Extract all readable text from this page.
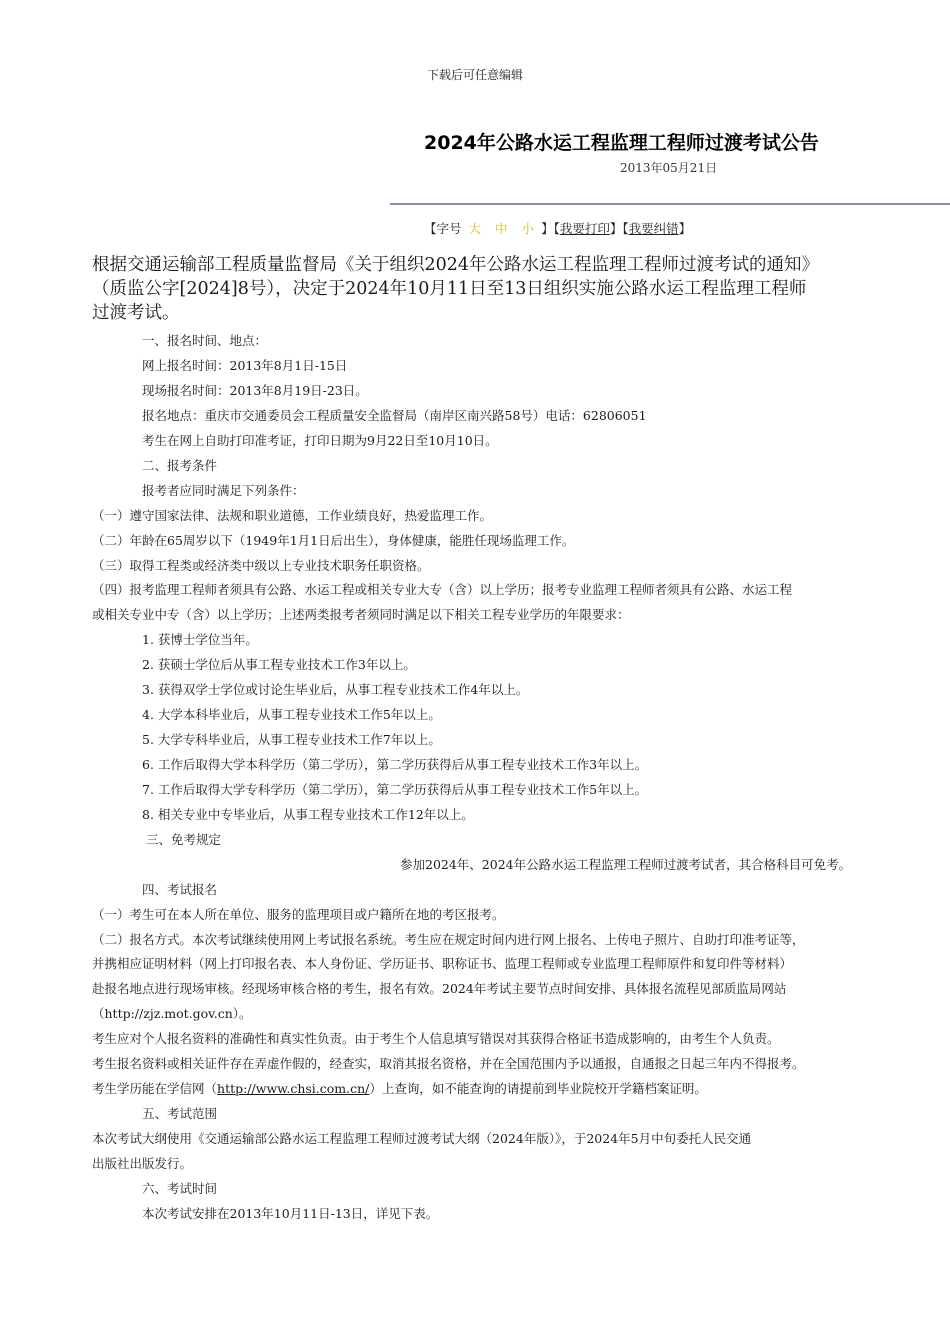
下载后可任意编辑
2024年公路水运工程监理工程师过渡考试公告
2013年05月21日
【字号 大 中 小 】【我要打印】【我要纠错】
根据交通运输部工程质量监督局《关于组织2024年公路水运工程监理工程师过渡考试的通知》
（质监公字[2024]8号），决定于2024年10月11日至13日组织实施公路水运工程监理工程师
过渡考试。
一、报名时间、地点：
网上报名时间：2013年8月1日-15日
现场报名时间：2013年8月19日-23日。
报名地点：重庆市交通委员会工程质量安全监督局（南岸区南兴路58号）电话：62806051
考生在网上自助打印准考证，打印日期为9月22日至10月10日。
二、报考条件
报考者应同时满足下列条件：
（一）遵守国家法律、法规和职业道德，工作业绩良好，热爱监理工作。
（二）年龄在65周岁以下（1949年1月1日后出生），身体健康，能胜任现场监理工作。
（三）取得工程类或经济类中级以上专业技术职务任职资格。
（四）报考监理工程师者须具有公路、水运工程或相关专业大专（含）以上学历；报考专业监理工程师者须具有公路、水运工程
或相关专业中专（含）以上学历；上述两类报考者须同时满足以下相关工程专业学历的年限要求：
1. 获博士学位当年。
2. 获硕士学位后从事工程专业技术工作3年以上。
3. 获得双学士学位或讨论生毕业后，从事工程专业技术工作4年以上。
4. 大学本科毕业后，从事工程专业技术工作5年以上。
5. 大学专科毕业后，从事工程专业技术工作7年以上。
6. 工作后取得大学本科学历（第二学历），第二学历获得后从事工程专业技术工作3年以上。
7. 工作后取得大学专科学历（第二学历），第二学历获得后从事工程专业技术工作5年以上。
8. 相关专业中专毕业后，从事工程专业技术工作12年以上。
三、免考规定
参加2024年、2024年公路水运工程监理工程师过渡考试者，其合格科目可免考。
四、考试报名
（一）考生可在本人所在单位、服务的监理项目或户籍所在地的考区报考。
（二）报名方式。本次考试继续使用网上考试报名系统。考生应在规定时间内进行网上报名、上传电子照片、自助打印准考证等，
并携相应证明材料（网上打印报名表、本人身份证、学历证书、职称证书、监理工程师或专业监理工程师原件和复印件等材料）
赴报名地点进行现场审核。经现场审核合格的考生，报名有效。2024年考试主要节点时间安排、具体报名流程见部质监局网站
（http://zjz.mot.gov.cn）。
考生应对个人报名资料的准确性和真实性负责。由于考生个人信息填写错误对其获得合格证书造成影响的，由考生个人负责。
考生报名资料或相关证件存在弄虚作假的，经查实，取消其报名资格，并在全国范围内予以通报，自通报之日起三年内不得报考。
考生学历能在学信网（http://www.chsi.com.cn/）上查询，如不能查询的请提前到毕业院校开学籍档案证明。
五、考试范围
本次考试大纲使用《交通运输部公路水运工程监理工程师过渡考试大纲（2024年版）》，于2024年5月中旬委托人民交通
出版社出版发行。
六、考试时间
本次考试安排在2013年10月11日-13日，详见下表。
